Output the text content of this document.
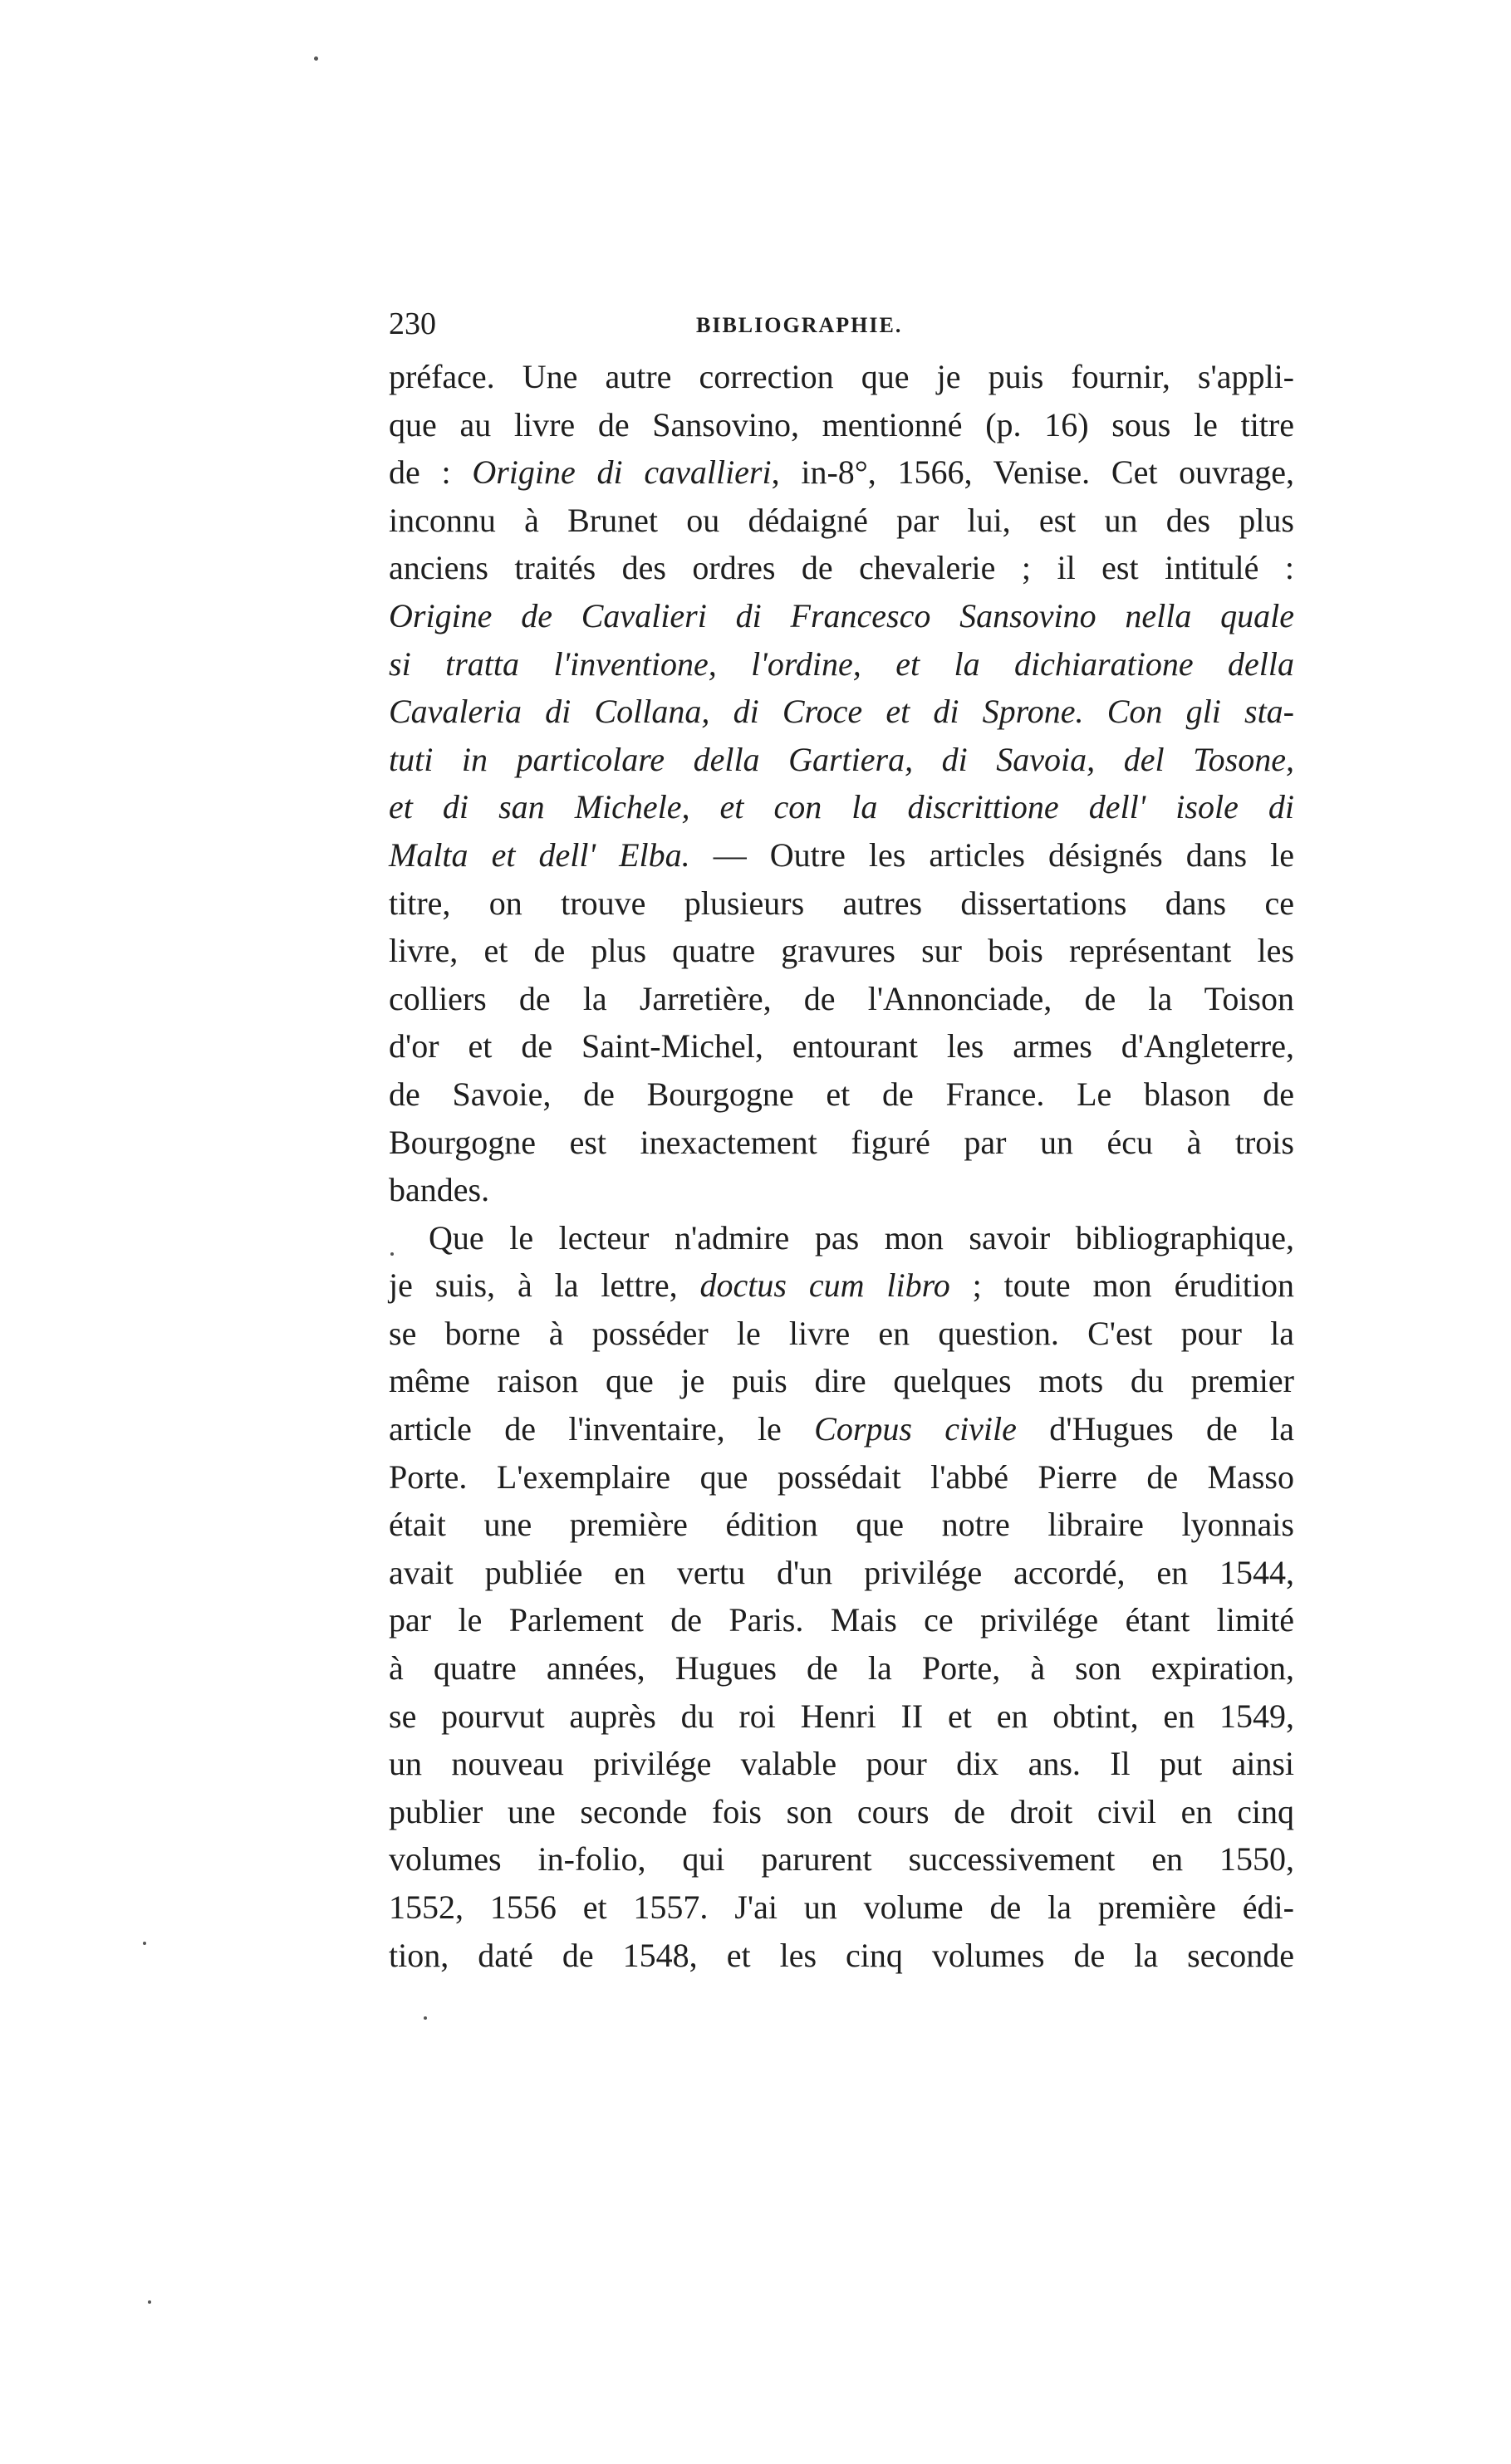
230	BIBLIOGRAPHIE.
préface. Une autre correction que je puis fournir, s'appli-
que au livre de Sansovino, mentionné (p. 16) sous le titre
de : Origine di cavallieri, in-8°, 1566, Venise. Cet ouvrage,
inconnu à Brunet ou dédaigné par lui, est un des plus
anciens traités des ordres de chevalerie ; il est intitulé :
Origine de Cavalieri di Francesco Sansovino nella quale
si tratta l'inventione, l'ordine, et la dichiaratione della
Cavaleria di Collana, di Croce et di Sprone. Con gli sta-
tuti in particolare della Gartiera, di Savoia, del Tosone,
et di san Michele, et con la discrittione dell' isole di
Malta et dell' Elba. — Outre les articles désignés dans le
titre, on trouve plusieurs autres dissertations dans ce
livre, et de plus quatre gravures sur bois représentant les
colliers de la Jarretière, de l'Annonciade, de la Toison
d'or et de Saint-Michel, entourant les armes d'Angleterre,
de Savoie, de Bourgogne et de France. Le blason de
Bourgogne est inexactement figuré par un écu à trois
bandes.
Que le lecteur n'admire pas mon savoir bibliographique,
je suis, à la lettre, doctus cum libro ; toute mon érudition
se borne à posséder le livre en question. C'est pour la
même raison que je puis dire quelques mots du premier
article de l'inventaire, le Corpus civile d'Hugues de la
Porte. L'exemplaire que possédait l'abbé Pierre de Masso
était une première édition que notre libraire lyonnais
avait publiée en vertu d'un privilége accordé, en 1544,
par le Parlement de Paris. Mais ce privilége étant limité
à quatre années, Hugues de la Porte, à son expiration,
se pourvut auprès du roi Henri II et en obtint, en 1549,
un nouveau privilége valable pour dix ans. Il put ainsi
publier une seconde fois son cours de droit civil en cinq
volumes in-folio, qui parurent successivement en 1550,
1552, 1556 et 1557. J'ai un volume de la première édi-
tion, daté de 1548, et les cinq volumes de la seconde
